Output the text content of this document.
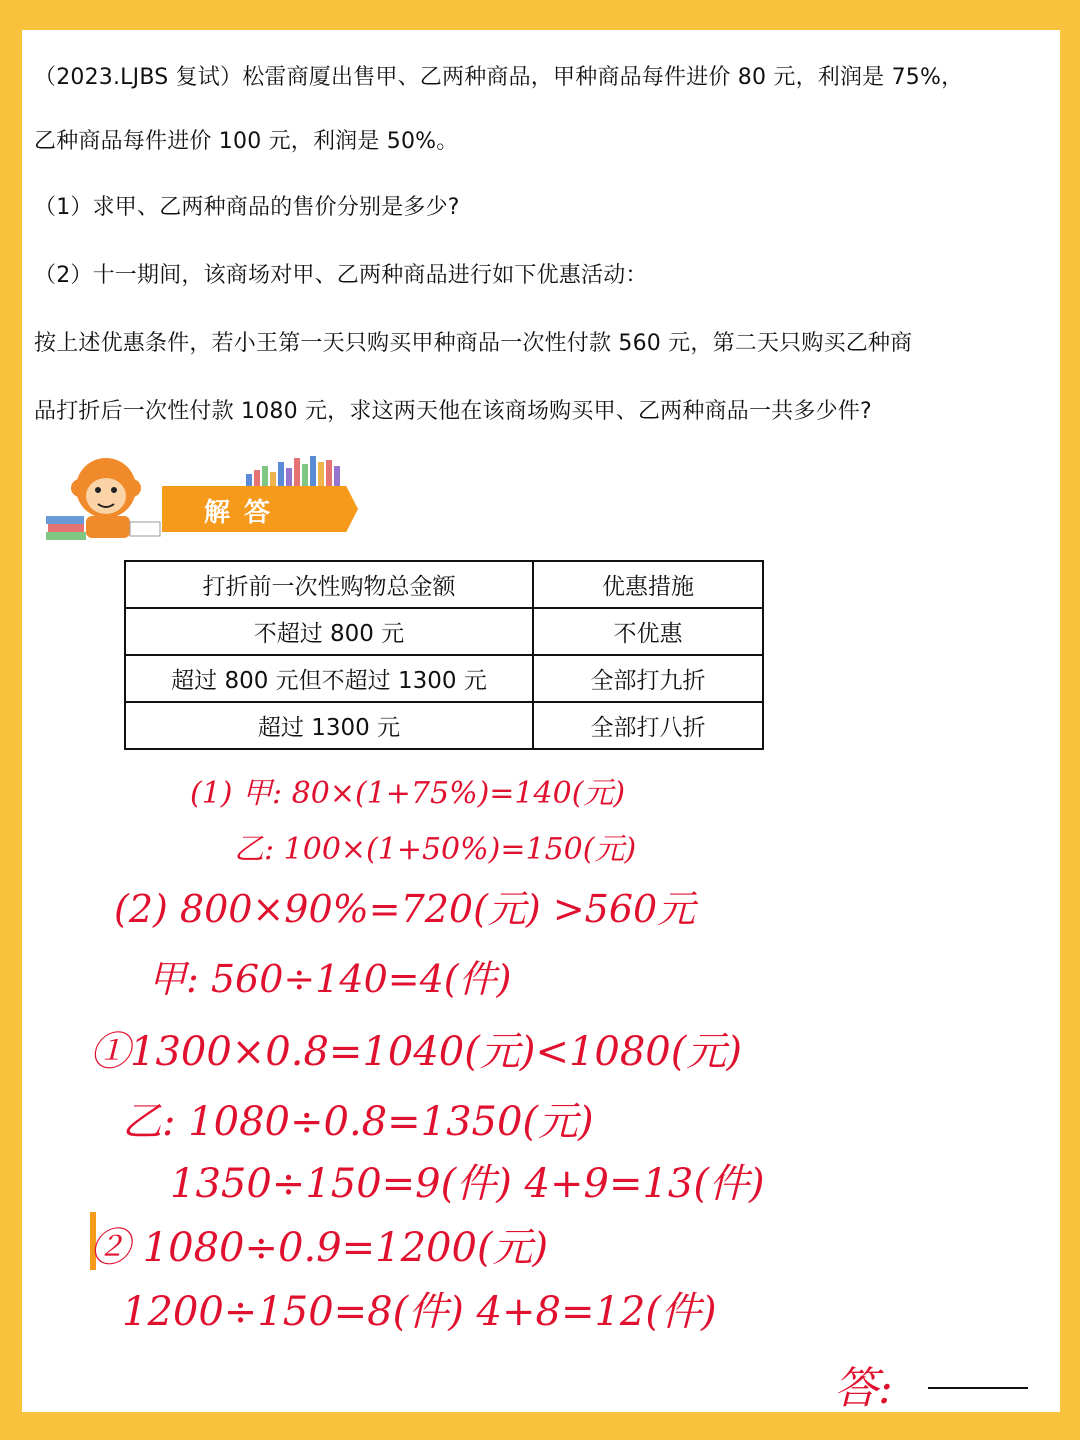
（2023.LJBS 复试）松雷商厦出售甲、乙两种商品，甲种商品每件进价 80 元，利润是 75%，
乙种商品每件进价 100 元，利润是 50%。
（1）求甲、乙两种商品的售价分别是多少?
（2）十一期间，该商场对甲、乙两种商品进行如下优惠活动：
按上述优惠条件，若小王第一天只购买甲种商品一次性付款 560 元，第二天只购买乙种商
品打折后一次性付款 1080 元，求这两天他在该商场购买甲、乙两种商品一共多少件?
解答
打折前一次性购物总金额	优惠措施
不超过 800 元	不优惠
超过 800 元但不超过 1300 元	全部打九折
超过 1300 元	全部打八折
(1) 甲: 80×(1+75%)=140(元)
乙: 100×(1+50%)=150(元)
(2) 800×90%=720(元) >560元
甲: 560÷140=4(件)
①1300×0.8=1040(元)<1080(元)
乙: 1080÷0.8=1350(元)
1350÷150=9(件) 4+9=13(件)
② 1080÷0.9=1200(元)
1200÷150=8(件) 4+8=12(件)
答:
